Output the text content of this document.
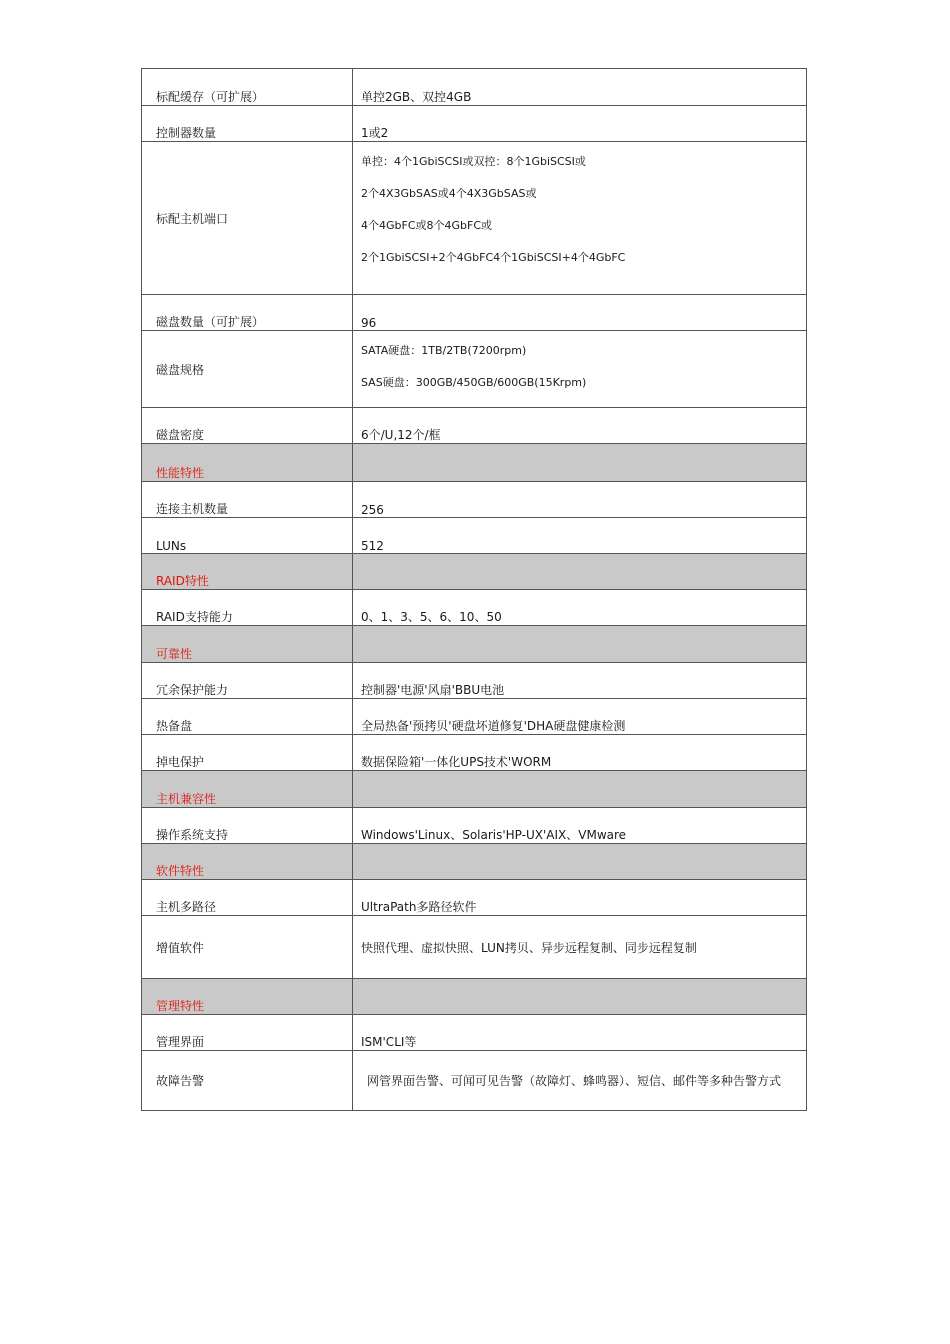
标配缓存（可扩展）	单控2GB、双控4GB
控制器数量	1或2
标配主机端口	单控：4个1GbiSCSI或双控：8个1GbiSCSI或

2个4X3GbSAS或4个4X3GbSAS或

4个4GbFC或8个4GbFC或

2个1GbiSCSI+2个4GbFC4个1GbiSCSI+4个4GbFC

磁盘数量（可扩展）	96
磁盘规格	SATA硬盘：1TB/2TB(7200rpm)

SAS硬盘：300GB/450GB/600GB(15Krpm)

磁盘密度	6个/U,12个/框
性能特性	
连接主机数量	256
LUNs	512
RAID特性	
RAID支持能力	0、1、3、5、6、10、50
可靠性	
冗余保护能力	控制器'电源'风扇'BBU电池
热备盘	全局热备'预拷贝'硬盘坏道修复'DHA硬盘健康检测
掉电保护	数据保险箱'一体化UPS技术'WORM
主机兼容性	
操作系统支持	Windows'Linux、Solaris'HP-UX'AIX、VMware
软件特性	
主机多路径	UltraPath多路径软件
增值软件	快照代理、虚拟快照、LUN拷贝、异步远程复制、同步远程复制
管理特性	
管理界面	ISM'CLI等
故障告警	网管界面告警、可闻可见告警（故障灯、蜂鸣器）、短信、邮件等多种告警方式
